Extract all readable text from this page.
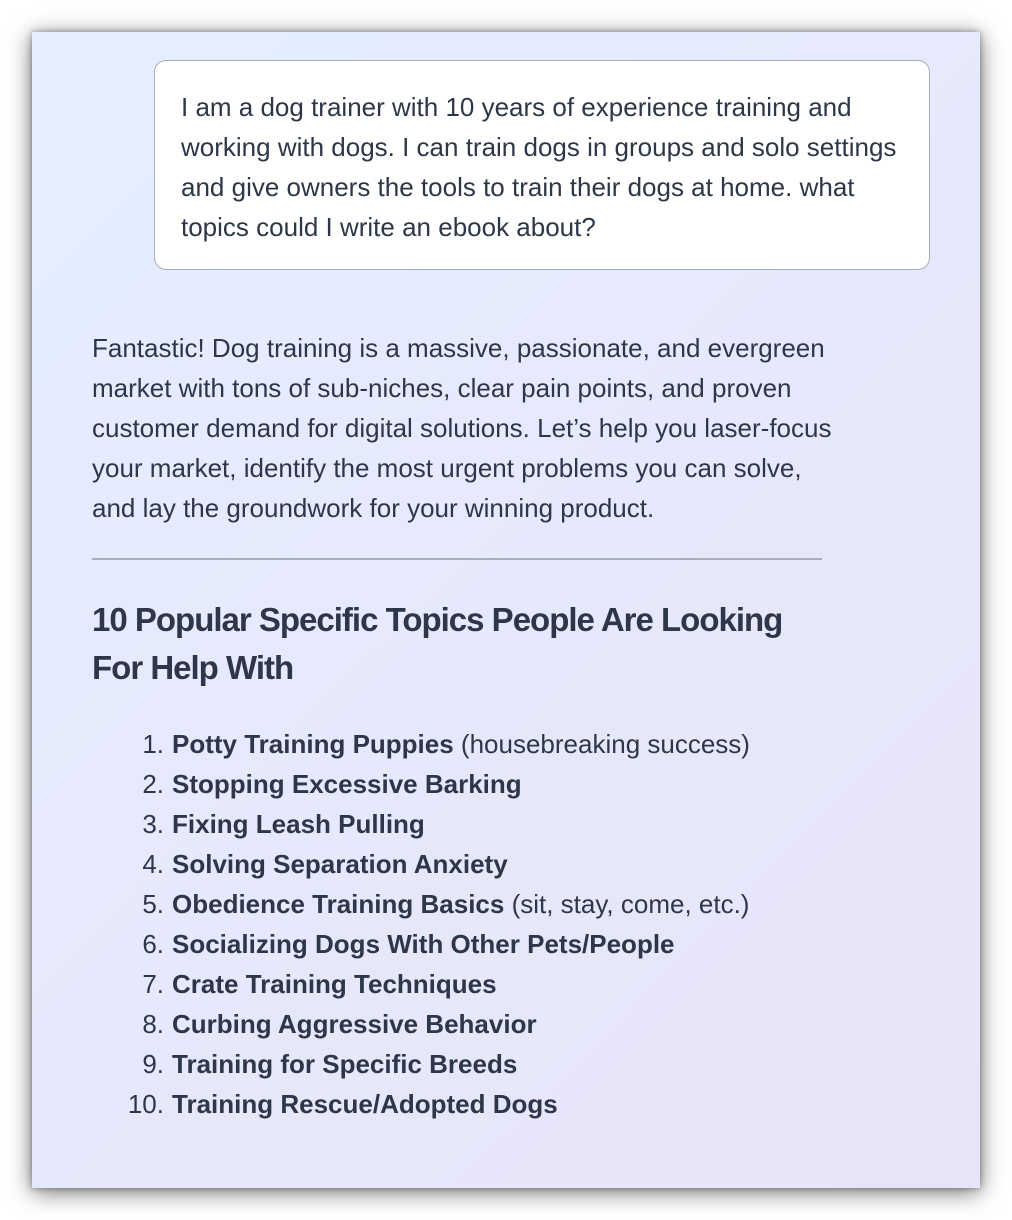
I am a dog trainer with 10 years of experience training and working with dogs. I can train dogs in groups and solo settings and give owners the tools to train their dogs at home. what topics could I write an ebook about?

Fantastic! Dog training is a massive, passionate, and evergreen market with tons of sub-niches, clear pain points, and proven customer demand for digital solutions. Let’s help you laser-focus your market, identify the most urgent problems you can solve, and lay the groundwork for your winning product.

10 Popular Specific Topics People Are Looking For Help With
1. Potty Training Puppies (housebreaking success)
2. Stopping Excessive Barking
3. Fixing Leash Pulling
4. Solving Separation Anxiety
5. Obedience Training Basics (sit, stay, come, etc.)
6. Socializing Dogs With Other Pets/People
7. Crate Training Techniques
8. Curbing Aggressive Behavior
9. Training for Specific Breeds
10. Training Rescue/Adopted Dogs
